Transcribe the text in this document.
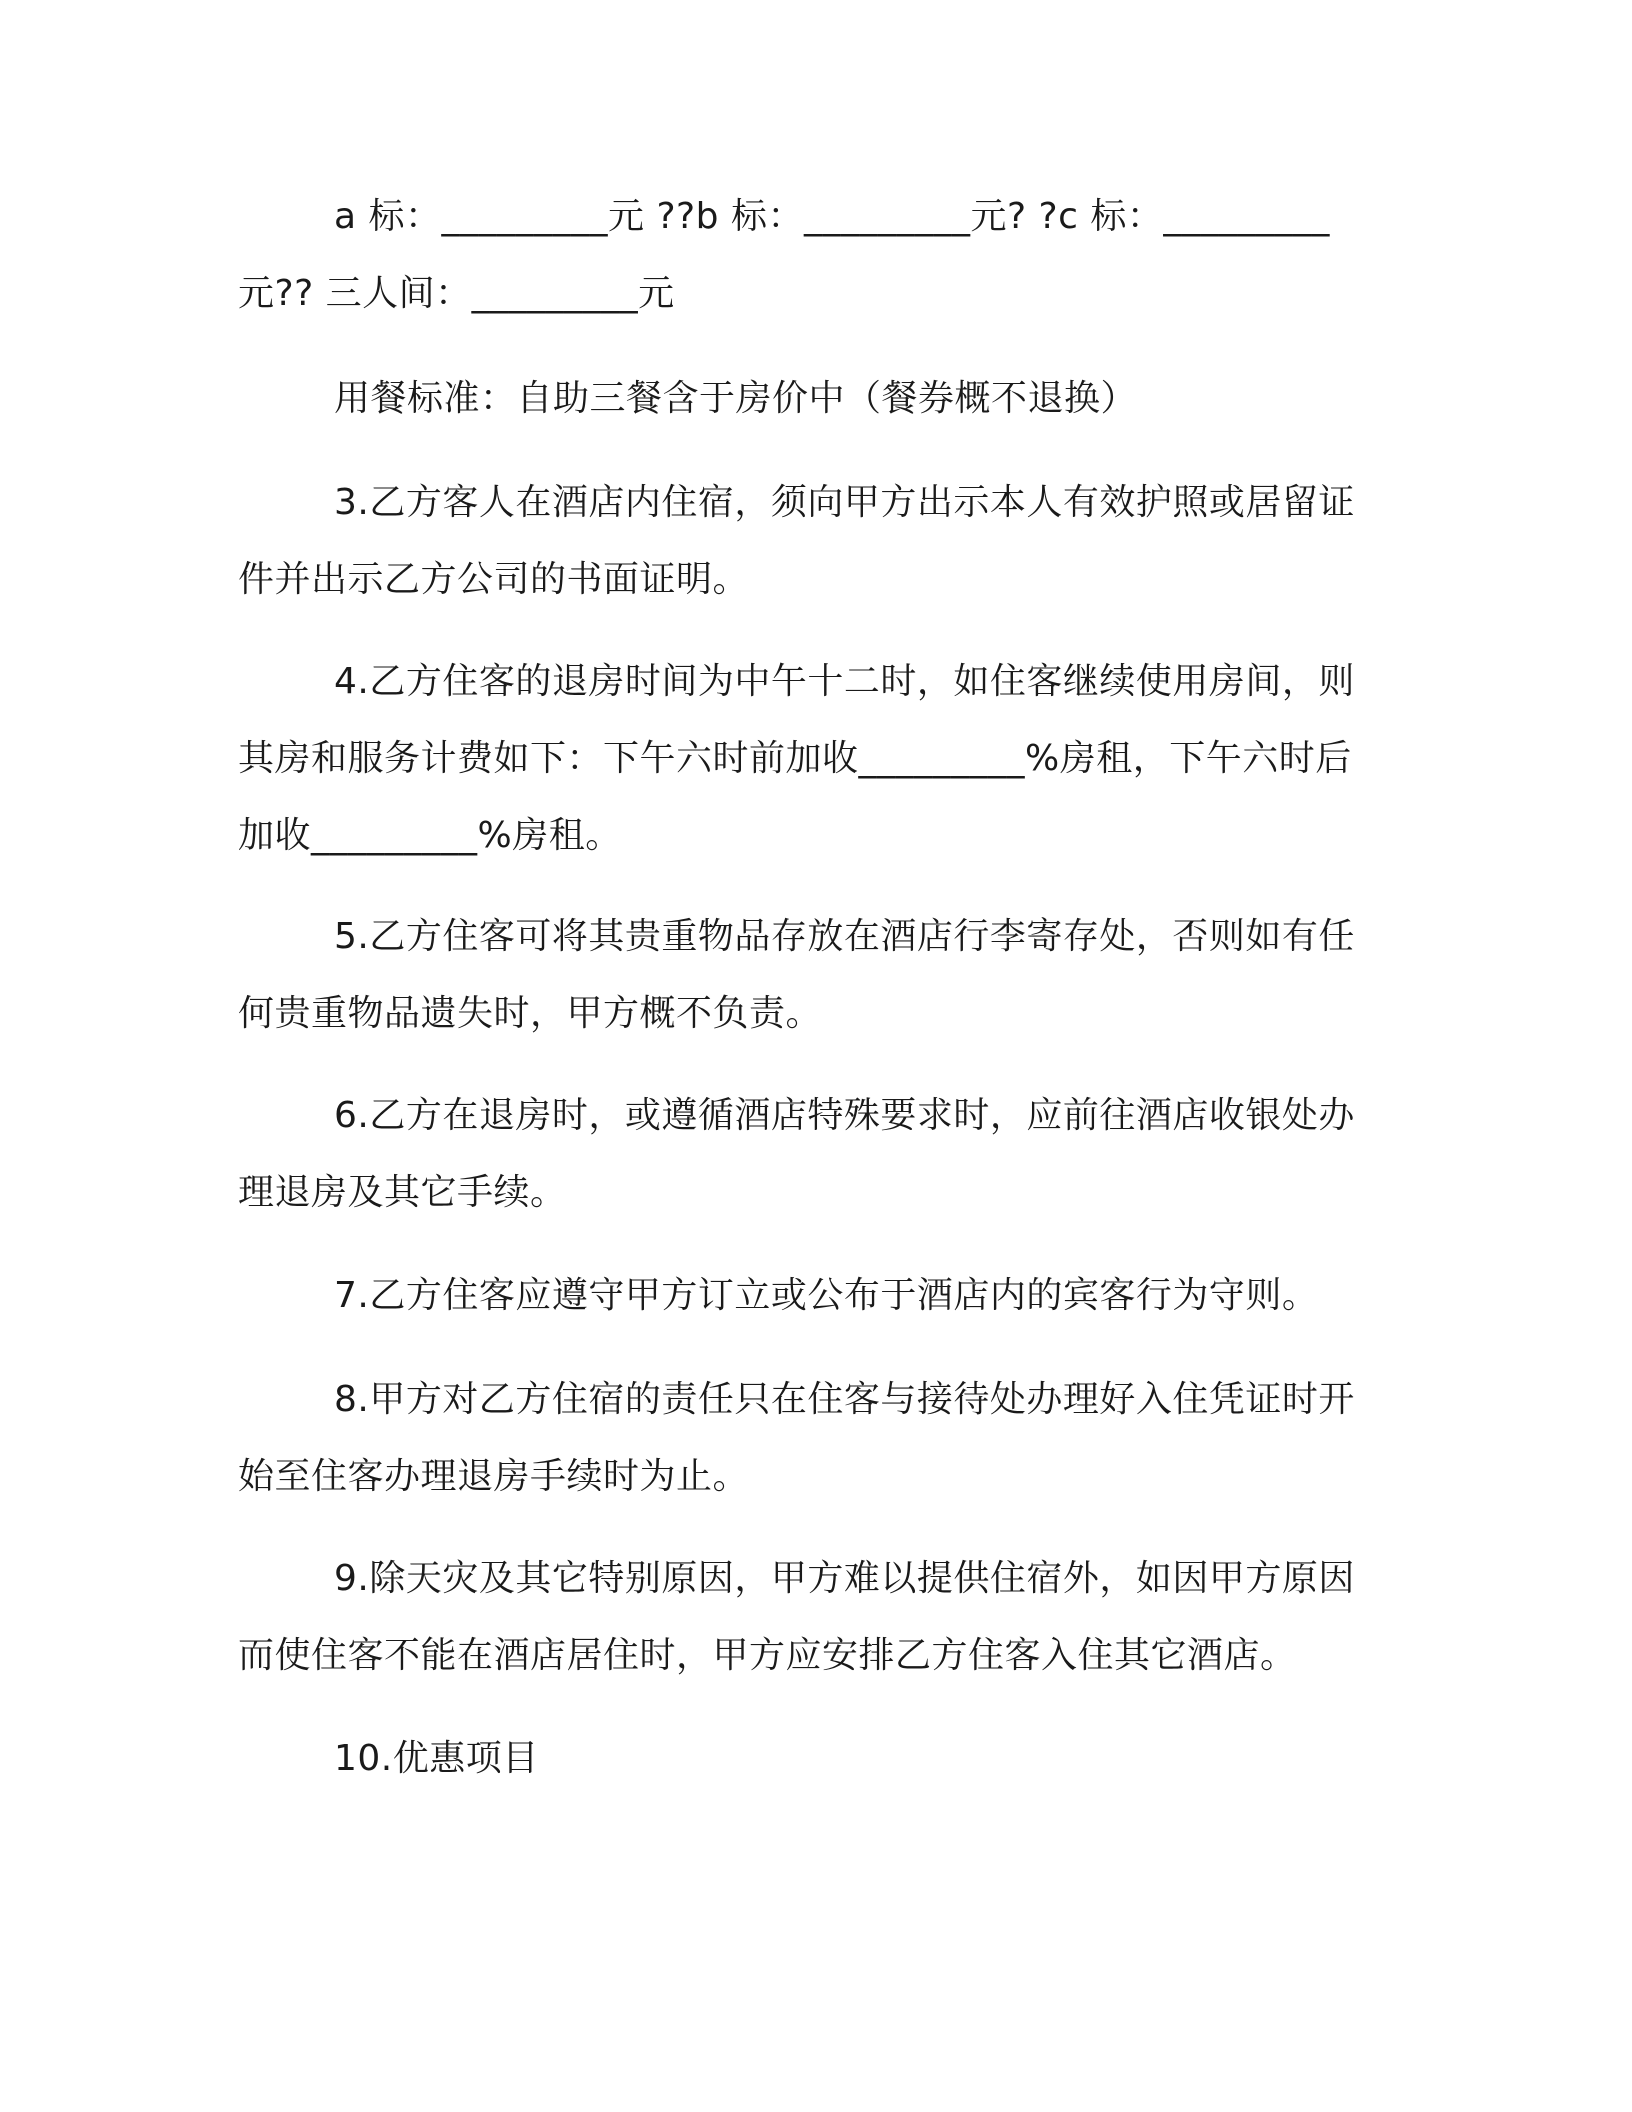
a 标：_________元 ??b 标：_________元? ?c 标：_________元?? 三人间：_________元

用餐标准：自助三餐含于房价中（餐券概不退换）

3.乙方客人在酒店内住宿，须向甲方出示本人有效护照或居留证件并出示乙方公司的书面证明。

4.乙方住客的退房时间为中午十二时，如住客继续使用房间，则其房和服务计费如下：下午六时前加收_________%房租，下午六时后加收_________%房租。

5.乙方住客可将其贵重物品存放在酒店行李寄存处，否则如有任何贵重物品遗失时，甲方概不负责。

6.乙方在退房时，或遵循酒店特殊要求时，应前往酒店收银处办理退房及其它手续。

7.乙方住客应遵守甲方订立或公布于酒店内的宾客行为守则。

8.甲方对乙方住宿的责任只在住客与接待处办理好入住凭证时开始至住客办理退房手续时为止。

9.除天灾及其它特别原因，甲方难以提供住宿外，如因甲方原因而使住客不能在酒店居住时，甲方应安排乙方住客入住其它酒店。

10.优惠项目
